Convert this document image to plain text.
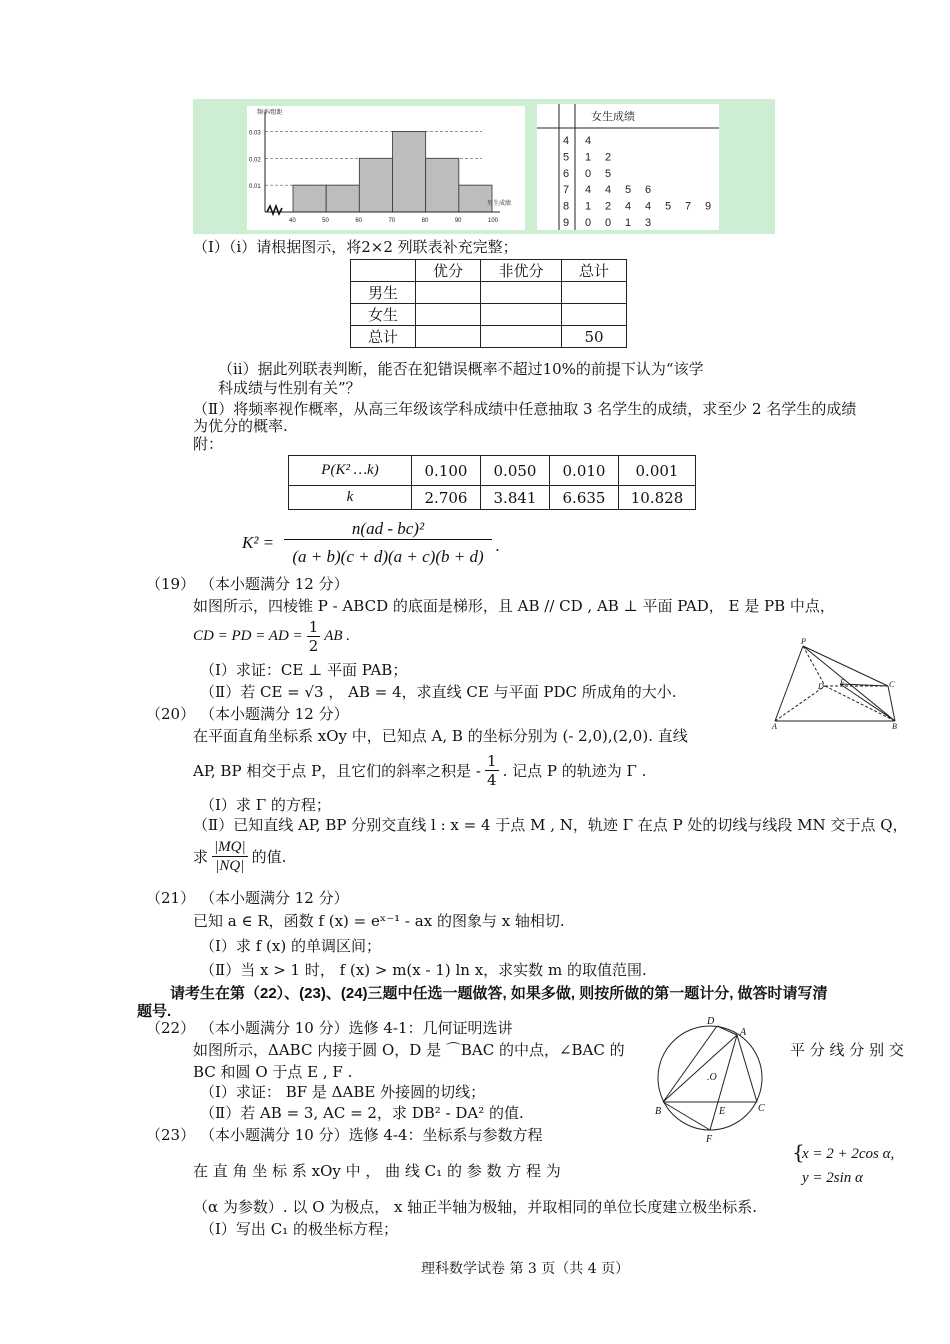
0.03
0.02
0.01
40	50	60	70	80	90	100
频率/组距
男生成绩
女生成绩
4 4
5 1 2
6 0 5
7 4 4 5 6
8 1 2 4 4 5 7 9
9 0 0 1 3
（Ⅰ）（i）请根据图示，将2×2 列联表补充完整；
	优分	非优分	总计
男生			
女生			
总计			50
（ii）据此列联表判断，能否在犯错误概率不超过10%的前提下认为“该学
科成绩与性别有关”？
（Ⅱ）将频率视作概率，从高三年级该学科成绩中任意抽取 3 名学生的成绩，求至少 2 名学生的成绩
为优分的概率.
附：
P(K² …k)	0.100	0.050	0.010	0.001
k	2.706	3.841	6.635	10.828
K² =
n(ad - bc)²
(a + b)(c + d)(a + c)(b + d)
.
（19） （本小题满分 12 分）
如图所示，四棱锥 P - ABCD 的底面是梯形，且 AB // CD , AB ⊥ 平面 PAD， E 是 PB 中点，
CD = PD = AD = $\frac{1}{2}$ AB .
（Ⅰ）求证：CE ⊥ 平面 PAB；
（Ⅱ）若 CE = √3 ， AB = 4，求直线 CE 与平面 PDC 所成角的大小.
P
D E	C
A	B
（20） （本小题满分 12 分）
在平面直角坐标系 xOy 中，已知点 A, B 的坐标分别为 (- 2,0),(2,0). 直线
AP, BP 相交于点 P，且它们的斜率之积是 - $\frac{1}{4}$ . 记点 P 的轨迹为 Γ .
（Ⅰ）求 Γ 的方程；
（Ⅱ）已知直线 AP, BP 分别交直线 l : x = 4 于点 M , N，轨迹 Γ 在点 P 处的切线与线段 MN 交于点 Q，
求 $\frac{|MQ|}{|NQ|}$ 的值.
（21） （本小题满分 12 分）
已知 a ∈ R，函数 f (x) = eˣ⁻¹ - ax 的图象与 x 轴相切.
（Ⅰ）求 f (x) 的单调区间；
（Ⅱ）当 x > 1 时， f (x) > m(x - 1) ln x，求实数 m 的取值范围.
请考生在第（22）、(23)、(24)三题中任选一题做答, 如果多做, 则按所做的第一题计分, 做答时请写清
题号.
（22） （本小题满分 10 分）选修 4-1：几何证明选讲
如图所示，ΔABC 内接于圆 O，D 是 ⌒BAC 的中点，∠BAC 的	平 分 线 分 别 交
BC 和圆 O 于点 E , F .
（Ⅰ）求证： BF 是 ΔABE 外接圆的切线；
（Ⅱ）若 AB = 3, AC = 2，求 DB² - DA² 的值.
D
A
.O
B	E	C
F
（23） （本小题满分 10 分）选修 4-4：坐标系与参数方程
在 直 角 坐 标 系 xOy 中 ， 曲 线 C₁ 的 参 数 方 程 为
{
x = 2 + 2cos α,
y = 2sin α
（α 为参数）. 以 O 为极点， x 轴正半轴为极轴，并取相同的单位长度建立极坐标系.
（Ⅰ）写出 C₁ 的极坐标方程；
理科数学试卷 第 3 页（共 4 页）
